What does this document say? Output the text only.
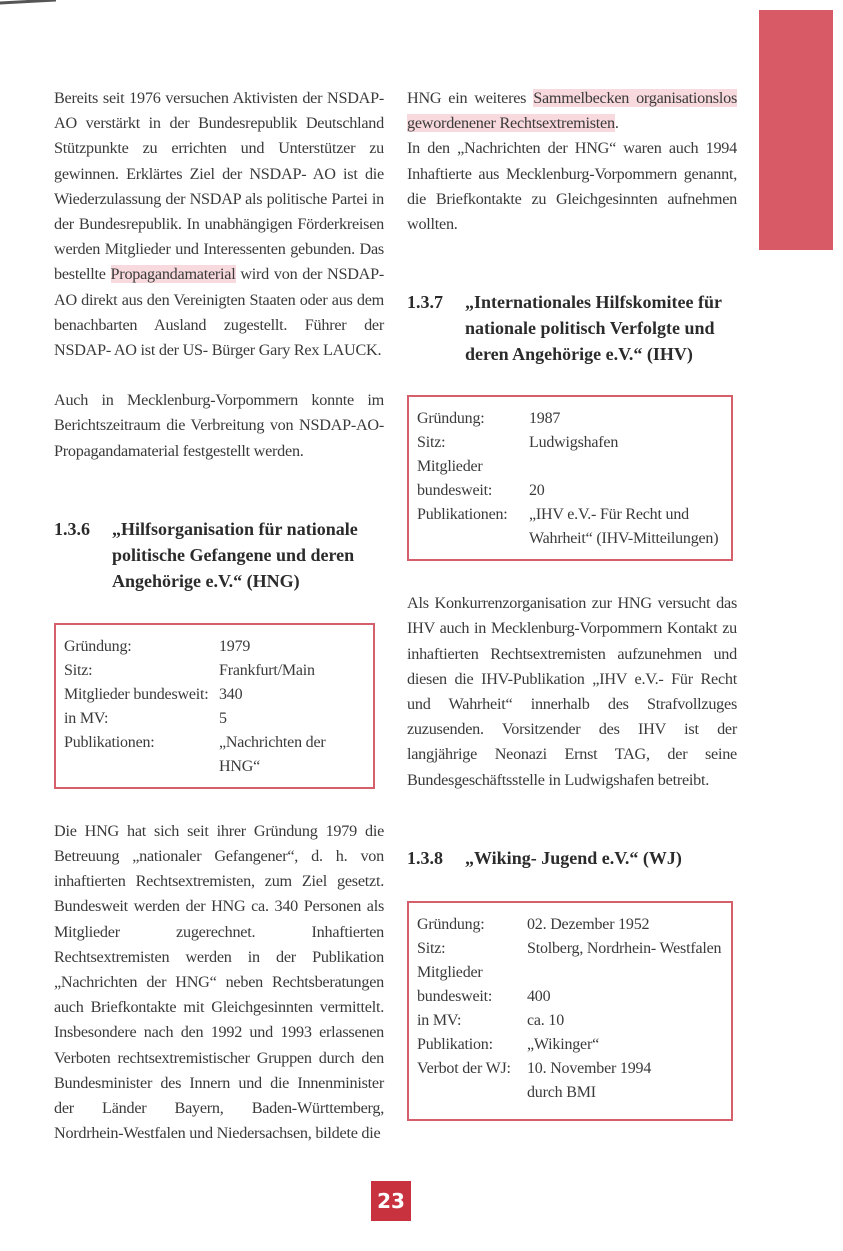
Bereits seit 1976 versuchen Aktivisten der NSDAP-AO verstärkt in der Bundesrepublik Deutschland Stützpunkte zu errichten und Unterstützer zu gewinnen. Erklärtes Ziel der NSDAP- AO ist die Wiederzulassung der NSDAP als politische Partei in der Bundesrepublik. In unabhängigen Förderkreisen werden Mitglieder und Interessenten gebunden. Das bestellte Propagandamaterial wird von der NSDAP- AO direkt aus den Vereinigten Staaten oder aus dem benachbarten Ausland zugestellt. Führer der NSDAP- AO ist der US- Bürger Gary Rex LAUCK.

Auch in Mecklenburg-Vorpommern konnte im Berichtszeitraum die Verbreitung von NSDAP-AO-Propagandamaterial festgestellt werden.

1.3.6	„Hilfsorganisation für nationale politische Gefangene und deren Angehörige e.V.“ (HNG)
Gründung:	1979
Sitz:	Frankfurt/Main
Mitglieder bundesweit: 340
in MV:	5
Publikationen:	„Nachrichten der HNG“

Die HNG hat sich seit ihrer Gründung 1979 die Betreuung „nationaler Gefangener“, d. h. von inhaftierten Rechtsextremisten, zum Ziel gesetzt. Bundesweit werden der HNG ca. 340 Personen als Mitglieder zugerechnet. Inhaftierten Rechtsextremisten werden in der Publikation „Nachrichten der HNG“ neben Rechtsberatungen auch Briefkontakte mit Gleichgesinnten vermittelt. Insbesondere nach den 1992 und 1993 erlassenen Verboten rechtsextremistischer Gruppen durch den Bundesminister des Innern und die Innenminister der Länder Bayern, Baden-Württemberg, Nordrhein-Westfalen und Niedersachsen, bildete die

HNG ein weiteres Sammelbecken organisationslos gewordenener Rechtsextremisten.
In den „Nachrichten der HNG“ waren auch 1994 Inhaftierte aus Mecklenburg-Vorpommern genannt, die Briefkontakte zu Gleichgesinnten aufnehmen wollten.

1.3.7	„Internationales Hilfskomitee für nationale politisch Verfolgte und deren Angehörige e.V.“ (IHV)
Gründung:	1987
Sitz:	Ludwigshafen
Mitglieder
bundesweit:	20
Publikationen:	„IHV e.V.- Für Recht und Wahrheit“ (IHV-Mitteilungen)

Als Konkurrenzorganisation zur HNG versucht das IHV auch in Mecklenburg-Vorpommern Kontakt zu inhaftierten Rechtsextremisten aufzunehmen und diesen die IHV-Publikation „IHV e.V.- Für Recht und Wahrheit“ innerhalb des Strafvollzuges zuzusenden. Vorsitzender des IHV ist der langjährige Neonazi Ernst TAG, der seine Bundesgeschäftsstelle in Ludwigshafen betreibt.

1.3.8	„Wiking- Jugend e.V.“ (WJ)
Gründung:	02. Dezember 1952
Sitz:	Stolberg, Nordrhein- Westfalen
Mitglieder
bundesweit:	400
in MV:	ca. 10
Publikation:	„Wikinger“
Verbot der WJ:	10. November 1994 durch BMI
23
